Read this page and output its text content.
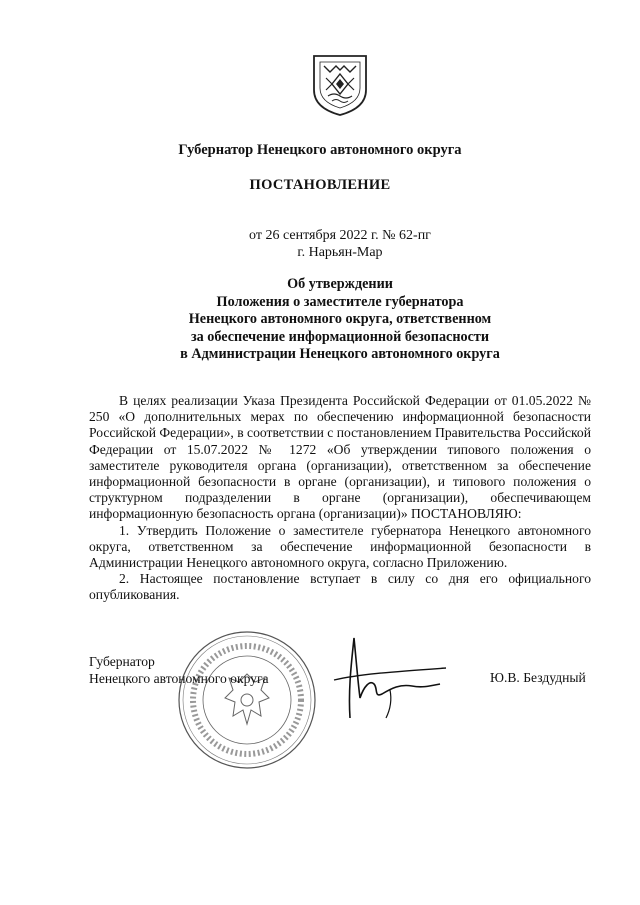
Губернатор Ненецкого автономного округа
ПОСТАНОВЛЕНИЕ
от 26 сентября 2022 г. № 62-пг
г. Нарьян-Мар
Об утверждении
Положения о заместителе губернатора
Ненецкого автономного округа, ответственном
за обеспечение информационной безопасности
в Администрации Ненецкого автономного округа

В целях реализации Указа Президента Российской Федерации от 01.05.2022 № 250 «О дополнительных мерах по обеспечению информационной безопасности Российской Федерации», в соответствии с постановлением Правительства Российской Федерации от 15.07.2022 № 1272 «Об утверждении типового положения о заместителе руководителя органа (организации), ответственном за обеспечение информационной безопасности в органе (организации), и типового положения о структурном подразделении в органе (организации), обеспечивающем информационную безопасность органа (организации)» ПОСТАНОВЛЯЮ:

1. Утвердить Положение о заместителе губернатора Ненецкого автономного округа, ответственном за обеспечение информационной безопасности в Администрации Ненецкого автономного округа, согласно Приложению.

2. Настоящее постановление вступает в силу со дня его официального опубликования.

Губернатор
Ненецкого автономного округа	Ю.В. Бездудный
